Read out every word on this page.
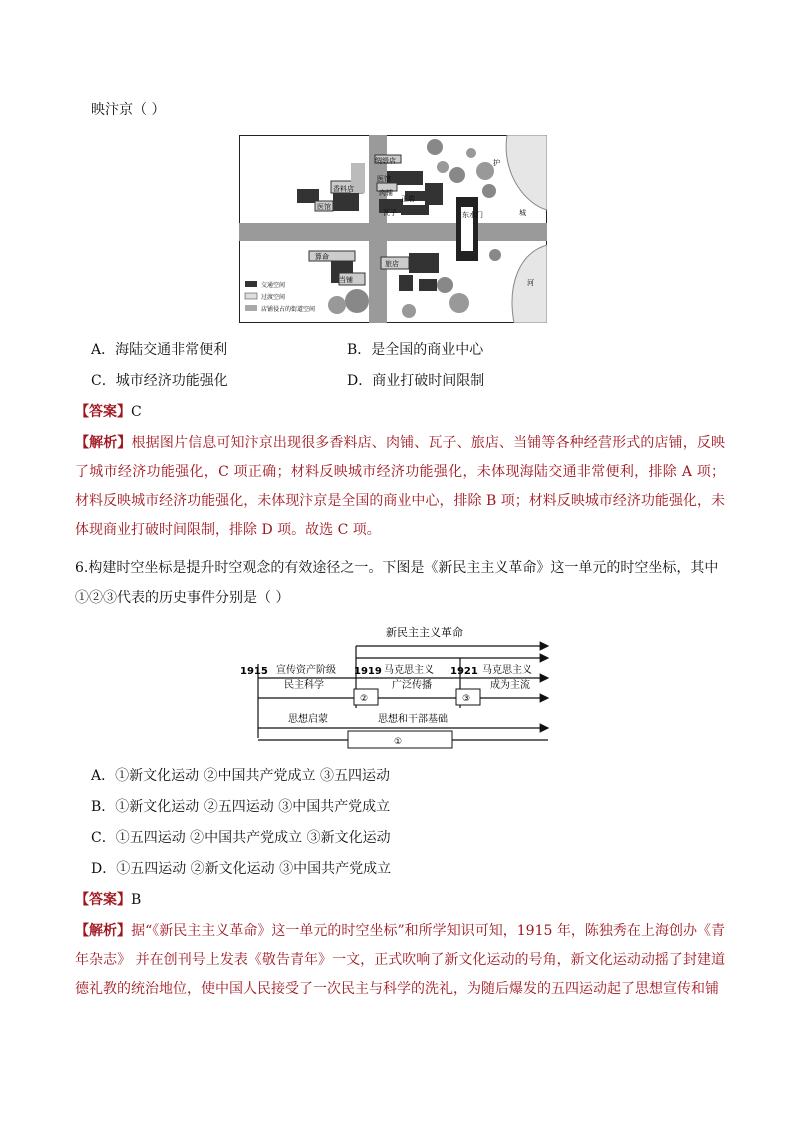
映汴京（ ）
绸缎店
医馆
肉铺
正店
瓦子
香料店
医馆
护
城
河
算命
当铺
旅店
东水门
交通空间
过渡空间
店铺侵占的街道空间
A．海陆交通非常便利	B．是全国的商业中心
C．城市经济功能强化	D．商业打破时间限制
【答案】C
【解析】根据图片信息可知汴京出现很多香料店、肉铺、瓦子、旅店、当铺等各种经营形式的店铺，反映了城市经济功能强化，C 项正确；材料反映城市经济功能强化，未体现海陆交通非常便利，排除 A 项；材料反映城市经济功能强化，未体现汴京是全国的商业中心，排除 B 项；材料反映城市经济功能强化，未体现商业打破时间限制，排除 D 项。故选 C 项。
6.构建时空坐标是提升时空观念的有效途径之一。下图是《新民主主义革命》这一单元的时空坐标，其中①②③代表的历史事件分别是（ ）
新民主主义革命
1915	1919	1921
宣传资产阶级
民主科学
马克思主义
广泛传播
马克思主义
成为主流
②	③
思想启蒙	思想和干部基础
①
A．①新文化运动 ②中国共产党成立 ③五四运动
B．①新文化运动 ②五四运动 ③中国共产党成立
C．①五四运动 ②中国共产党成立 ③新文化运动
D．①五四运动 ②新文化运动 ③中国共产党成立
【答案】B
【解析】据“《新民主主义革命》这一单元的时空坐标”和所学知识可知，1915 年，陈独秀在上海创办《青年杂志》 并在创刊号上发表《敬告青年》一文，正式吹响了新文化运动的号角，新文化运动动摇了封建道德礼教的统治地位，使中国人民接受了一次民主与科学的洗礼，为随后爆发的五四运动起了思想宣传和铺
